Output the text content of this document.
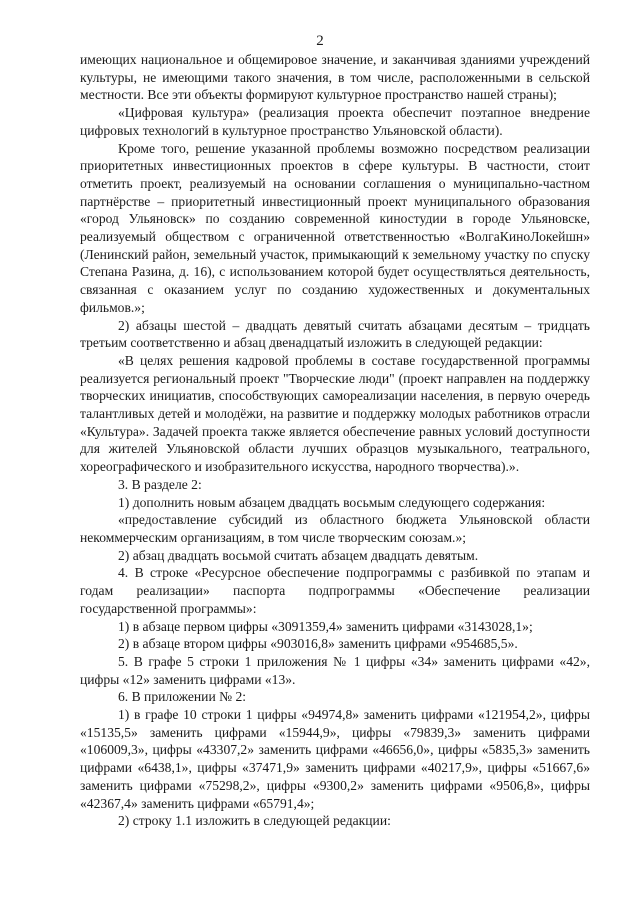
2

имеющих национальное и общемировое значение, и заканчивая зданиями учреждений культуры, не имеющими такого значения, в том числе, расположенными в сельской местности. Все эти объекты формируют культурное пространство нашей страны);

«Цифровая культура» (реализация проекта обеспечит поэтапное внедрение цифровых технологий в культурное пространство Ульяновской области).

Кроме того, решение указанной проблемы возможно посредством реализации приоритетных инвестиционных проектов в сфере культуры. В частности, стоит отметить проект, реализуемый на основании соглашения о муниципально-частном партнёрстве – приоритетный инвестиционный проект муниципального образования «город Ульяновск» по созданию современной киностудии в городе Ульяновске, реализуемый обществом с ограниченной ответственностью «ВолгаКиноЛокейшн» (Ленинский район, земельный участок, примыкающий к земельному участку по спуску Степана Разина, д. 16), с использованием которой будет осуществляться деятельность, связанная с оказанием услуг по созданию художественных и документальных фильмов.»;

2) абзацы шестой – двадцать девятый считать абзацами десятым – тридцать третьим соответственно и абзац двенадцатый изложить в следующей редакции:

«В целях решения кадровой проблемы в составе государственной программы реализуется региональный проект "Творческие люди" (проект направлен на поддержку творческих инициатив, способствующих самореализации населения, в первую очередь талантливых детей и молодёжи, на развитие и поддержку молодых работников отрасли «Культура». Задачей проекта также является обеспечение равных условий доступности для жителей Ульяновской области лучших образцов музыкального, театрального, хореографического и изобразительного искусства, народного творчества).».

3. В разделе 2:

1) дополнить новым абзацем двадцать восьмым следующего содержания:

«предоставление субсидий из областного бюджета Ульяновской области некоммерческим организациям, в том числе творческим союзам.»;

2) абзац двадцать восьмой считать абзацем двадцать девятым.

4. В строке «Ресурсное обеспечение подпрограммы с разбивкой по этапам и годам реализации» паспорта подпрограммы «Обеспечение реализации государственной программы»:

1) в абзаце первом цифры «3091359,4» заменить цифрами «3143028,1»;

2) в абзаце втором цифры «903016,8» заменить цифрами «954685,5».

5. В графе 5 строки 1 приложения № 1 цифры «34» заменить цифрами «42», цифры «12» заменить цифрами «13».

6. В приложении № 2:

1) в графе 10 строки 1 цифры «94974,8» заменить цифрами «121954,2», цифры «15135,5» заменить цифрами «15944,9», цифры «79839,3» заменить цифрами «106009,3», цифры «43307,2» заменить цифрами «46656,0», цифры «5835,3» заменить цифрами «6438,1», цифры «37471,9» заменить цифрами «40217,9», цифры «51667,6» заменить цифрами «75298,2», цифры «9300,2» заменить цифрами «9506,8», цифры «42367,4» заменить цифрами «65791,4»;

2) строку 1.1 изложить в следующей редакции:
